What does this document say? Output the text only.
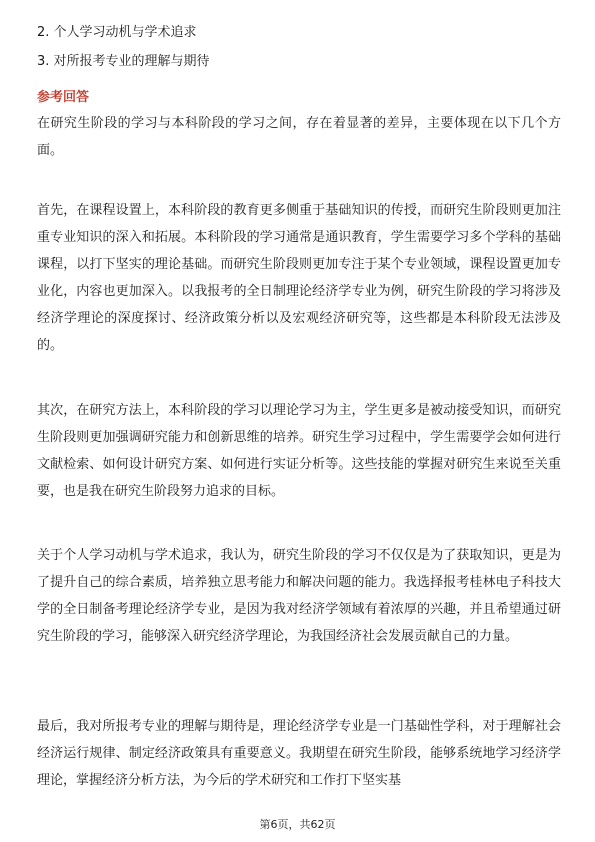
2. 个人学习动机与学术追求
3. 对所报考专业的理解与期待
参考回答

在研究生阶段的学习与本科阶段的学习之间，存在着显著的差异，主要体现在以下几个方面。

首先，在课程设置上，本科阶段的教育更多侧重于基础知识的传授，而研究生阶段则更加注重专业知识的深入和拓展。本科阶段的学习通常是通识教育，学生需要学习多个学科的基础课程，以打下坚实的理论基础。而研究生阶段则更加专注于某个专业领域，课程设置更加专业化，内容也更加深入。以我报考的全日制理论经济学专业为例，研究生阶段的学习将涉及经济学理论的深度探讨、经济政策分析以及宏观经济研究等，这些都是本科阶段无法涉及的。

其次，在研究方法上，本科阶段的学习以理论学习为主，学生更多是被动接受知识，而研究生阶段则更加强调研究能力和创新思维的培养。研究生学习过程中，学生需要学会如何进行文献检索、如何设计研究方案、如何进行实证分析等。这些技能的掌握对研究生来说至关重要，也是我在研究生阶段努力追求的目标。

关于个人学习动机与学术追求，我认为，研究生阶段的学习不仅仅是为了获取知识，更是为了提升自己的综合素质，培养独立思考能力和解决问题的能力。我选择报考桂林电子科技大学的全日制备考理论经济学专业，是因为我对经济学领域有着浓厚的兴趣，并且希望通过研究生阶段的学习，能够深入研究经济学理论，为我国经济社会发展贡献自己的力量。

最后，我对所报考专业的理解与期待是，理论经济学专业是一门基础性学科，对于理解社会经济运行规律、制定经济政策具有重要意义。我期望在研究生阶段，能够系统地学习经济学理论，掌握经济分析方法，为今后的学术研究和工作打下坚实基

第6页，共62页
